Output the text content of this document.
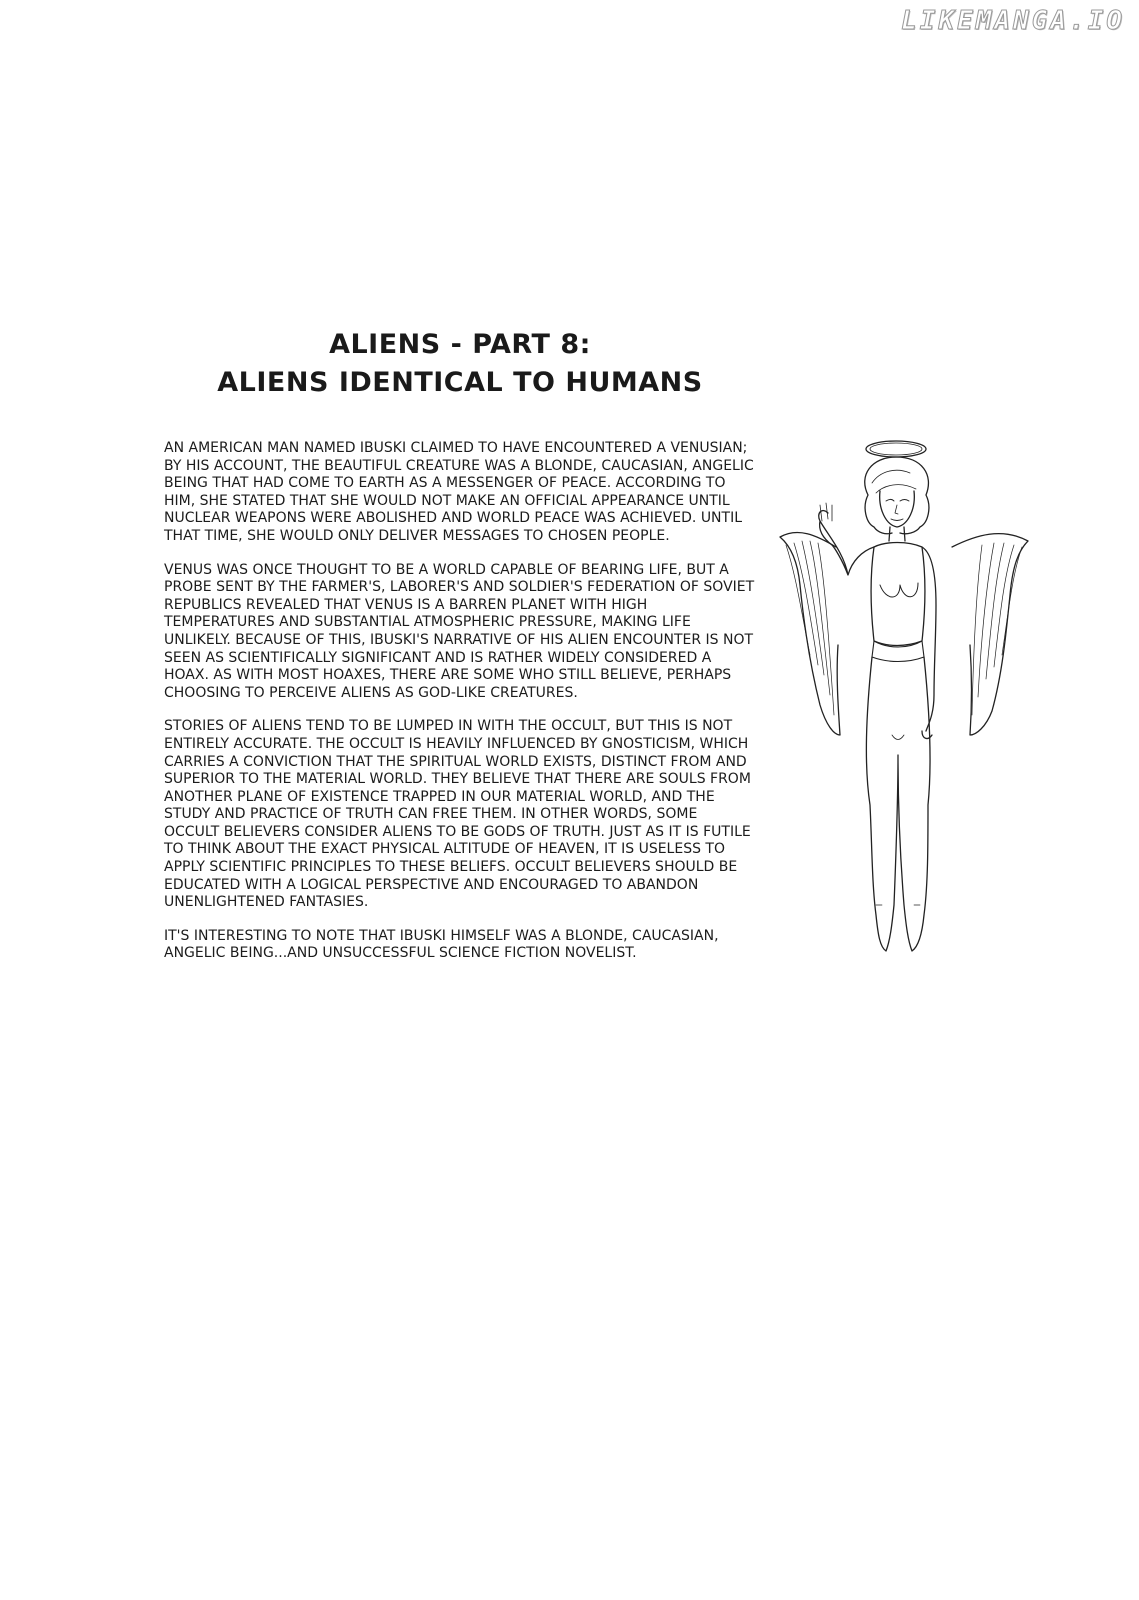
LIKEMANGA.IO
ALIENS - PART 8:
ALIENS IDENTICAL TO HUMANS

AN AMERICAN MAN NAMED IBUSKI CLAIMED TO HAVE ENCOUNTERED A VENUSIAN; BY HIS ACCOUNT, THE BEAUTIFUL CREATURE WAS A BLONDE, CAUCASIAN, ANGELIC BEING THAT HAD COME TO EARTH AS A MESSENGER OF PEACE. ACCORDING TO HIM, SHE STATED THAT SHE WOULD NOT MAKE AN OFFICIAL APPEARANCE UNTIL NUCLEAR WEAPONS WERE ABOLISHED AND WORLD PEACE WAS ACHIEVED. UNTIL THAT TIME, SHE WOULD ONLY DELIVER MESSAGES TO CHOSEN PEOPLE.

VENUS WAS ONCE THOUGHT TO BE A WORLD CAPABLE OF BEARING LIFE, BUT A PROBE SENT BY THE FARMER'S, LABORER'S AND SOLDIER'S FEDERATION OF SOVIET REPUBLICS REVEALED THAT VENUS IS A BARREN PLANET WITH HIGH TEMPERATURES AND SUBSTANTIAL ATMOSPHERIC PRESSURE, MAKING LIFE UNLIKELY. BECAUSE OF THIS, IBUSKI'S NARRATIVE OF HIS ALIEN ENCOUNTER IS NOT SEEN AS SCIENTIFICALLY SIGNIFICANT AND IS RATHER WIDELY CONSIDERED A HOAX. AS WITH MOST HOAXES, THERE ARE SOME WHO STILL BELIEVE, PERHAPS CHOOSING TO PERCEIVE ALIENS AS GOD-LIKE CREATURES.

STORIES OF ALIENS TEND TO BE LUMPED IN WITH THE OCCULT, BUT THIS IS NOT ENTIRELY ACCURATE. THE OCCULT IS HEAVILY INFLUENCED BY GNOSTICISM, WHICH CARRIES A CONVICTION THAT THE SPIRITUAL WORLD EXISTS, DISTINCT FROM AND SUPERIOR TO THE MATERIAL WORLD. THEY BELIEVE THAT THERE ARE SOULS FROM ANOTHER PLANE OF EXISTENCE TRAPPED IN OUR MATERIAL WORLD, AND THE STUDY AND PRACTICE OF TRUTH CAN FREE THEM. IN OTHER WORDS, SOME OCCULT BELIEVERS CONSIDER ALIENS TO BE GODS OF TRUTH. JUST AS IT IS FUTILE TO THINK ABOUT THE EXACT PHYSICAL ALTITUDE OF HEAVEN, IT IS USELESS TO APPLY SCIENTIFIC PRINCIPLES TO THESE BELIEFS. OCCULT BELIEVERS SHOULD BE EDUCATED WITH A LOGICAL PERSPECTIVE AND ENCOURAGED TO ABANDON UNENLIGHTENED FANTASIES.

IT'S INTERESTING TO NOTE THAT IBUSKI HIMSELF WAS A BLONDE, CAUCASIAN, ANGELIC BEING...AND UNSUCCESSFUL SCIENCE FICTION NOVELIST.
